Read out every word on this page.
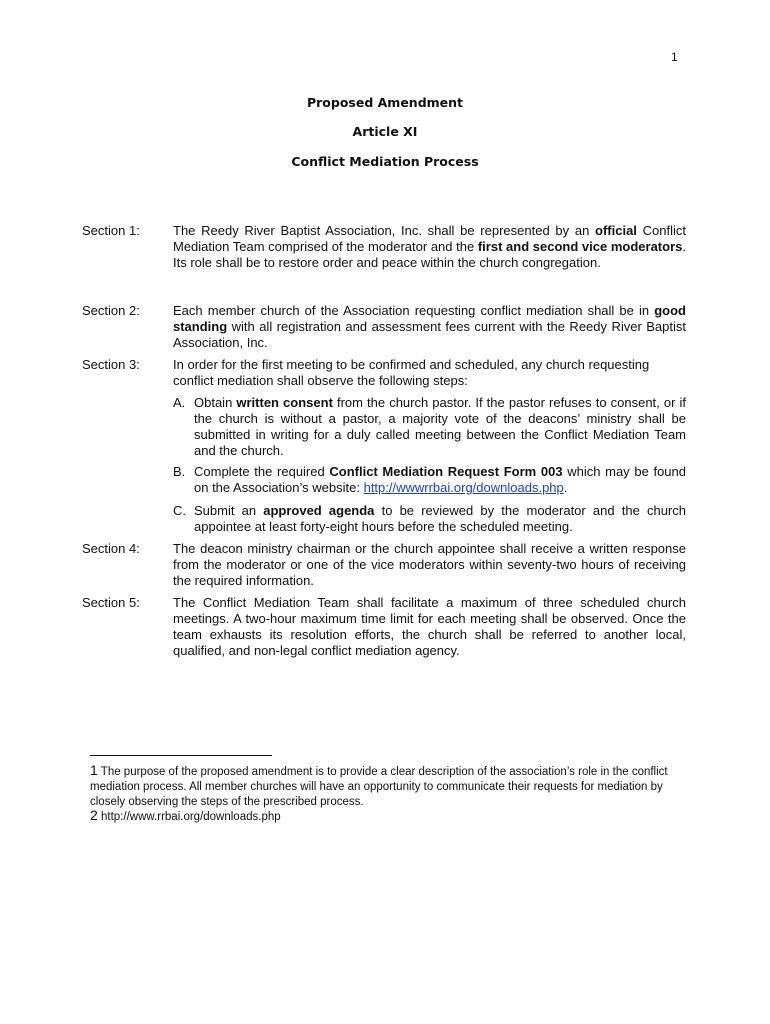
1
Proposed Amendment
Article XI
Conflict Mediation Process
Section 1:	The Reedy River Baptist Association, Inc. shall be represented by an official Conflict Mediation Team comprised of the moderator and the first and second vice moderators. Its role shall be to restore order and peace within the church congregation.
Section 2:	Each member church of the Association requesting conflict mediation shall be in good standing with all registration and assessment fees current with the Reedy River Baptist Association, Inc.
Section 3:	In order for the first meeting to be confirmed and scheduled, any church requesting conflict mediation shall observe the following steps:
A. Obtain written consent from the church pastor. If the pastor refuses to consent, or if the church is without a pastor, a majority vote of the deacons’ ministry shall be submitted in writing for a duly called meeting between the Conflict Mediation Team and the church.
B. Complete the required Conflict Mediation Request Form 003 which may be found on the Association’s website: http://wwwrrbai.org/downloads.php.
C. Submit an approved agenda to be reviewed by the moderator and the church appointee at least forty-eight hours before the scheduled meeting.
Section 4:	The deacon ministry chairman or the church appointee shall receive a written response from the moderator or one of the vice moderators within seventy-two hours of receiving the required information.
Section 5:	The Conflict Mediation Team shall facilitate a maximum of three scheduled church meetings. A two-hour maximum time limit for each meeting shall be observed. Once the team exhausts its resolution efforts, the church shall be referred to another local, qualified, and non-legal conflict mediation agency.
1 The purpose of the proposed amendment is to provide a clear description of the association’s role in the conflict mediation process. All member churches will have an opportunity to communicate their requests for mediation by closely observing the steps of the prescribed process.
2 http://www.rrbai.org/downloads.php
